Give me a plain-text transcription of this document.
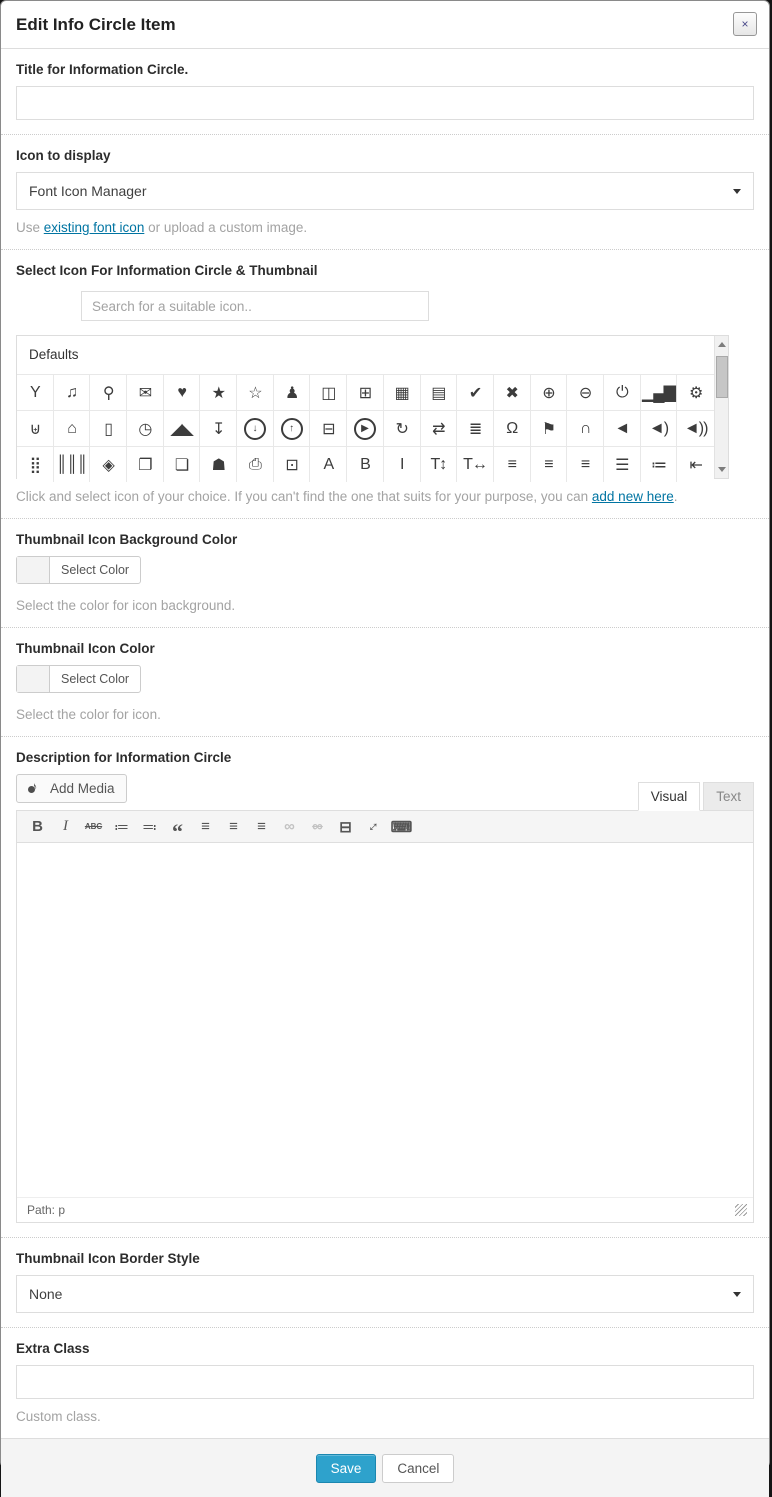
Edit Info Circle Item	×
Title for Information Circle.
Icon to display
Font Icon Manager

Use existing font icon or upload a custom image.

Select Icon For Information Circle & Thumbnail
Search for a suitable icon..
Defaults
Y ♫ ⚲ ✉ ♥ ★ ☆ ♟ ◫ ⊞ ▦ ▤ ✔ ✖ ⊕ ⊖ ⏻ ▁▄▇ ⚙
⊎ ⌂ ▯ ◷ ◢◣ ↧	↓	↑	⊟	▶	↻ ⇄ ≣ Ω ⚑ ∩ ◄ ◄) ◄))
⣿ ║║║ ◈ ❐ ❏ ☗ ⎙ ⊡ A B I T↕ T↔ ≡ ≡ ≡ ☰ ≔ ⇤

Click and select icon of your choice. If you can't find the one that suits for your purpose, you can add new here.

Thumbnail Icon Background Color
Select Color

Select the color for icon background.

Thumbnail Icon Color
Select Color

Select the color for icon.

Description for Information Circle
♪
Add Media
Visual	Text
B I ABC ≔ ≕ “ ≡ ≡ ≡ ∞ ∞ ⊟ ↕ ⌨
Path: p
Thumbnail Icon Border Style
None
Extra Class

Custom class.

Save	Cancel
